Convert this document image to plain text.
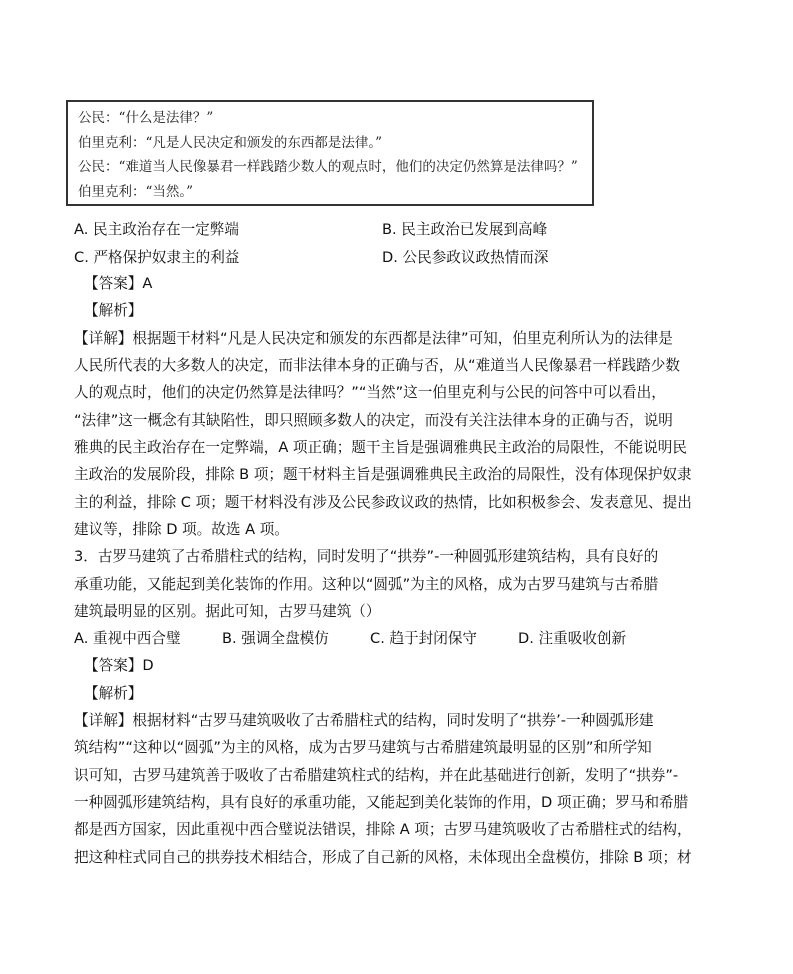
公民：“什么是法律？”
伯里克利：“凡是人民决定和颁发的东西都是法律。”
公民：“难道当人民像暴君一样践踏少数人的观点时，他们的决定仍然算是法律吗？”
伯里克利：“当然。”
A. 民主政治存在一定弊端	B. 民主政治已发展到高峰
C. 严格保护奴隶主的利益	D. 公民参政议政热情而深
【答案】A
【解析】
【详解】根据题干材料“凡是人民决定和颁发的东西都是法律”可知，伯里克利所认为的法律是
人民所代表的大多数人的决定，而非法律本身的正确与否，从“难道当人民像暴君一样践踏少数
人的观点时，他们的决定仍然算是法律吗？”“当然”这一伯里克利与公民的问答中可以看出，
“法律”这一概念有其缺陷性，即只照顾多数人的决定，而没有关注法律本身的正确与否，说明
雅典的民主政治存在一定弊端，A 项正确；题干主旨是强调雅典民主政治的局限性，不能说明民
主政治的发展阶段，排除 B 项；题干材料主旨是强调雅典民主政治的局限性，没有体现保护奴隶
主的利益，排除 C 项；题干材料没有涉及公民参政议政的热情，比如积极参会、发表意见、提出
建议等，排除 D 项。故选 A 项。
3．古罗马建筑了古希腊柱式的结构，同时发明了“拱券”-一种圆弧形建筑结构，具有良好的
承重功能，又能起到美化装饰的作用。这种以“圆弧”为主的风格，成为古罗马建筑与古希腊
建筑最明显的区别。据此可知，古罗马建筑（）
A. 重视中西合璧	B. 强调全盘模仿	C. 趋于封闭保守	D. 注重吸收创新
【答案】D
【解析】
【详解】根据材料“古罗马建筑吸收了古希腊柱式的结构，同时发明了“拱券’-一种圆弧形建
筑结构”“这种以“圆弧”为主的风格，成为古罗马建筑与古希腊建筑最明显的区别”和所学知
识可知，古罗马建筑善于吸收了古希腊建筑柱式的结构，并在此基础进行创新，发明了“拱券”-
一种圆弧形建筑结构，具有良好的承重功能，又能起到美化装饰的作用，D 项正确；罗马和希腊
都是西方国家，因此重视中西合璧说法错误，排除 A 项；古罗马建筑吸收了古希腊柱式的结构，
把这种柱式同自己的拱券技术相结合，形成了自己新的风格，未体现出全盘模仿，排除 B 项；材
